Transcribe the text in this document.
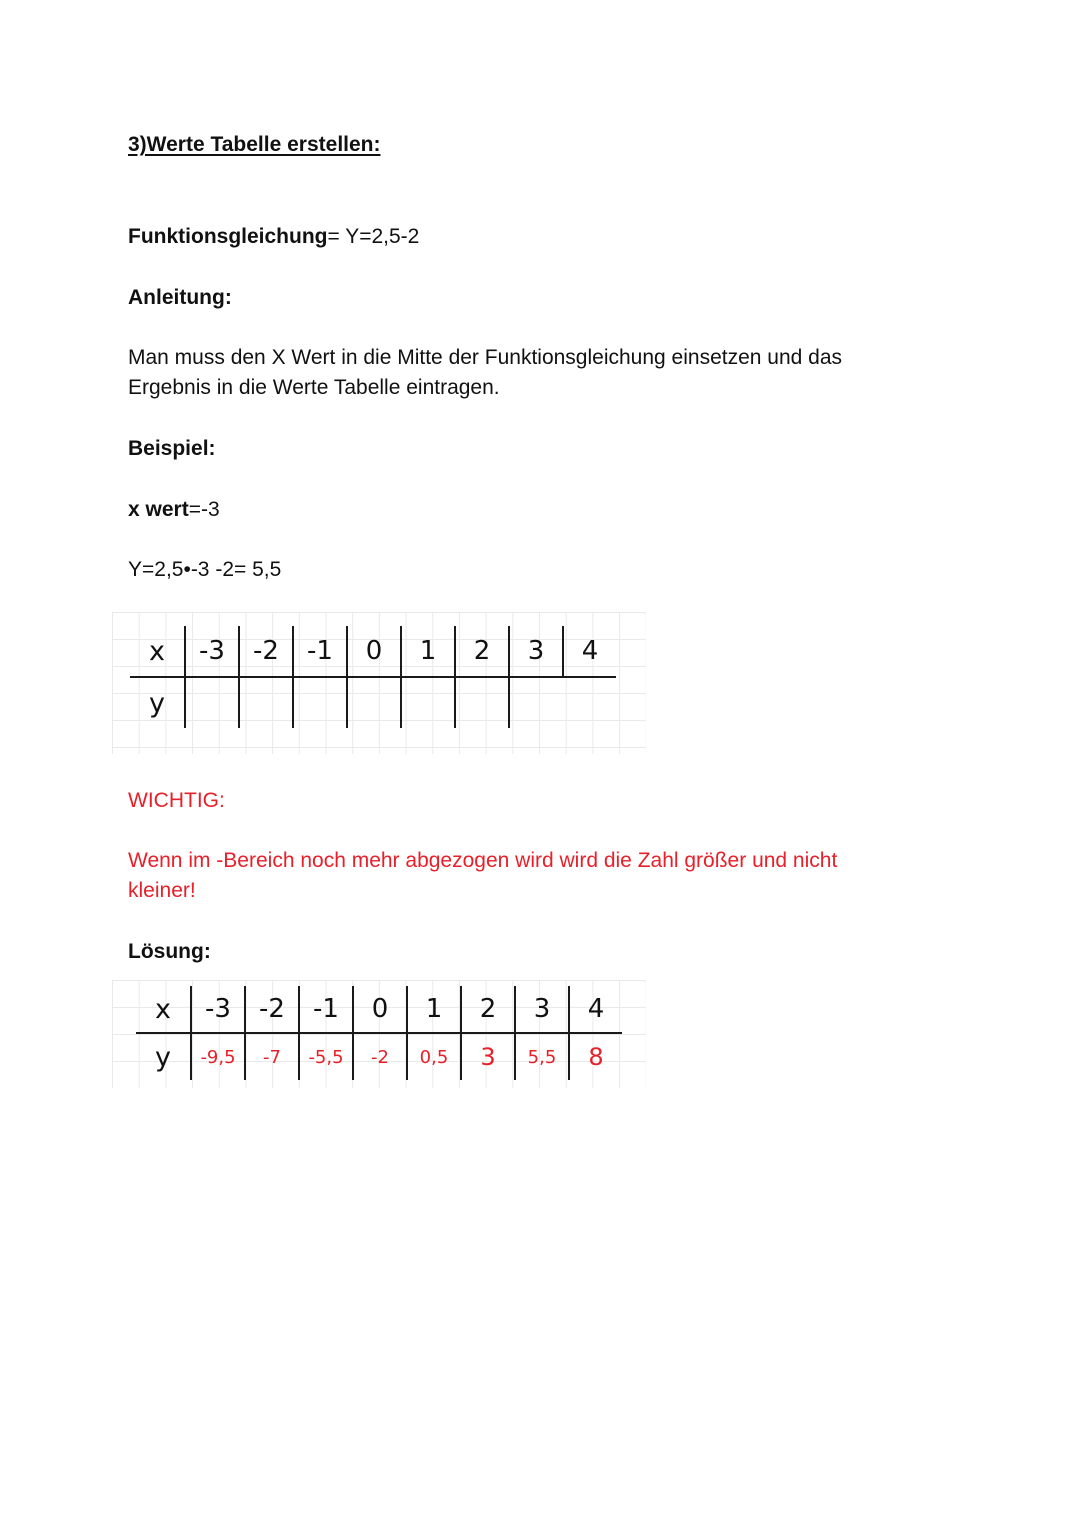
3)Werte Tabelle erstellen:

Funktionsgleichung= Y=2,5-2

Anleitung:

Man muss den X Wert in die Mitte der Funktionsgleichung einsetzen und das

Ergebnis in die Werte Tabelle eintragen.

Beispiel:

x wert=-3

Y=2,5•-3 -2= 5,5

x	-3	-2	-1	0	1	2	3	4
y								

WICHTIG:

Wenn im -Bereich noch mehr abgezogen wird wird die Zahl größer und nicht

kleiner!

Lösung:

x	-3	-2	-1	0	1	2	3	4
y	-9,5	-7	-5,5	-2	0,5	3	5,5	8
